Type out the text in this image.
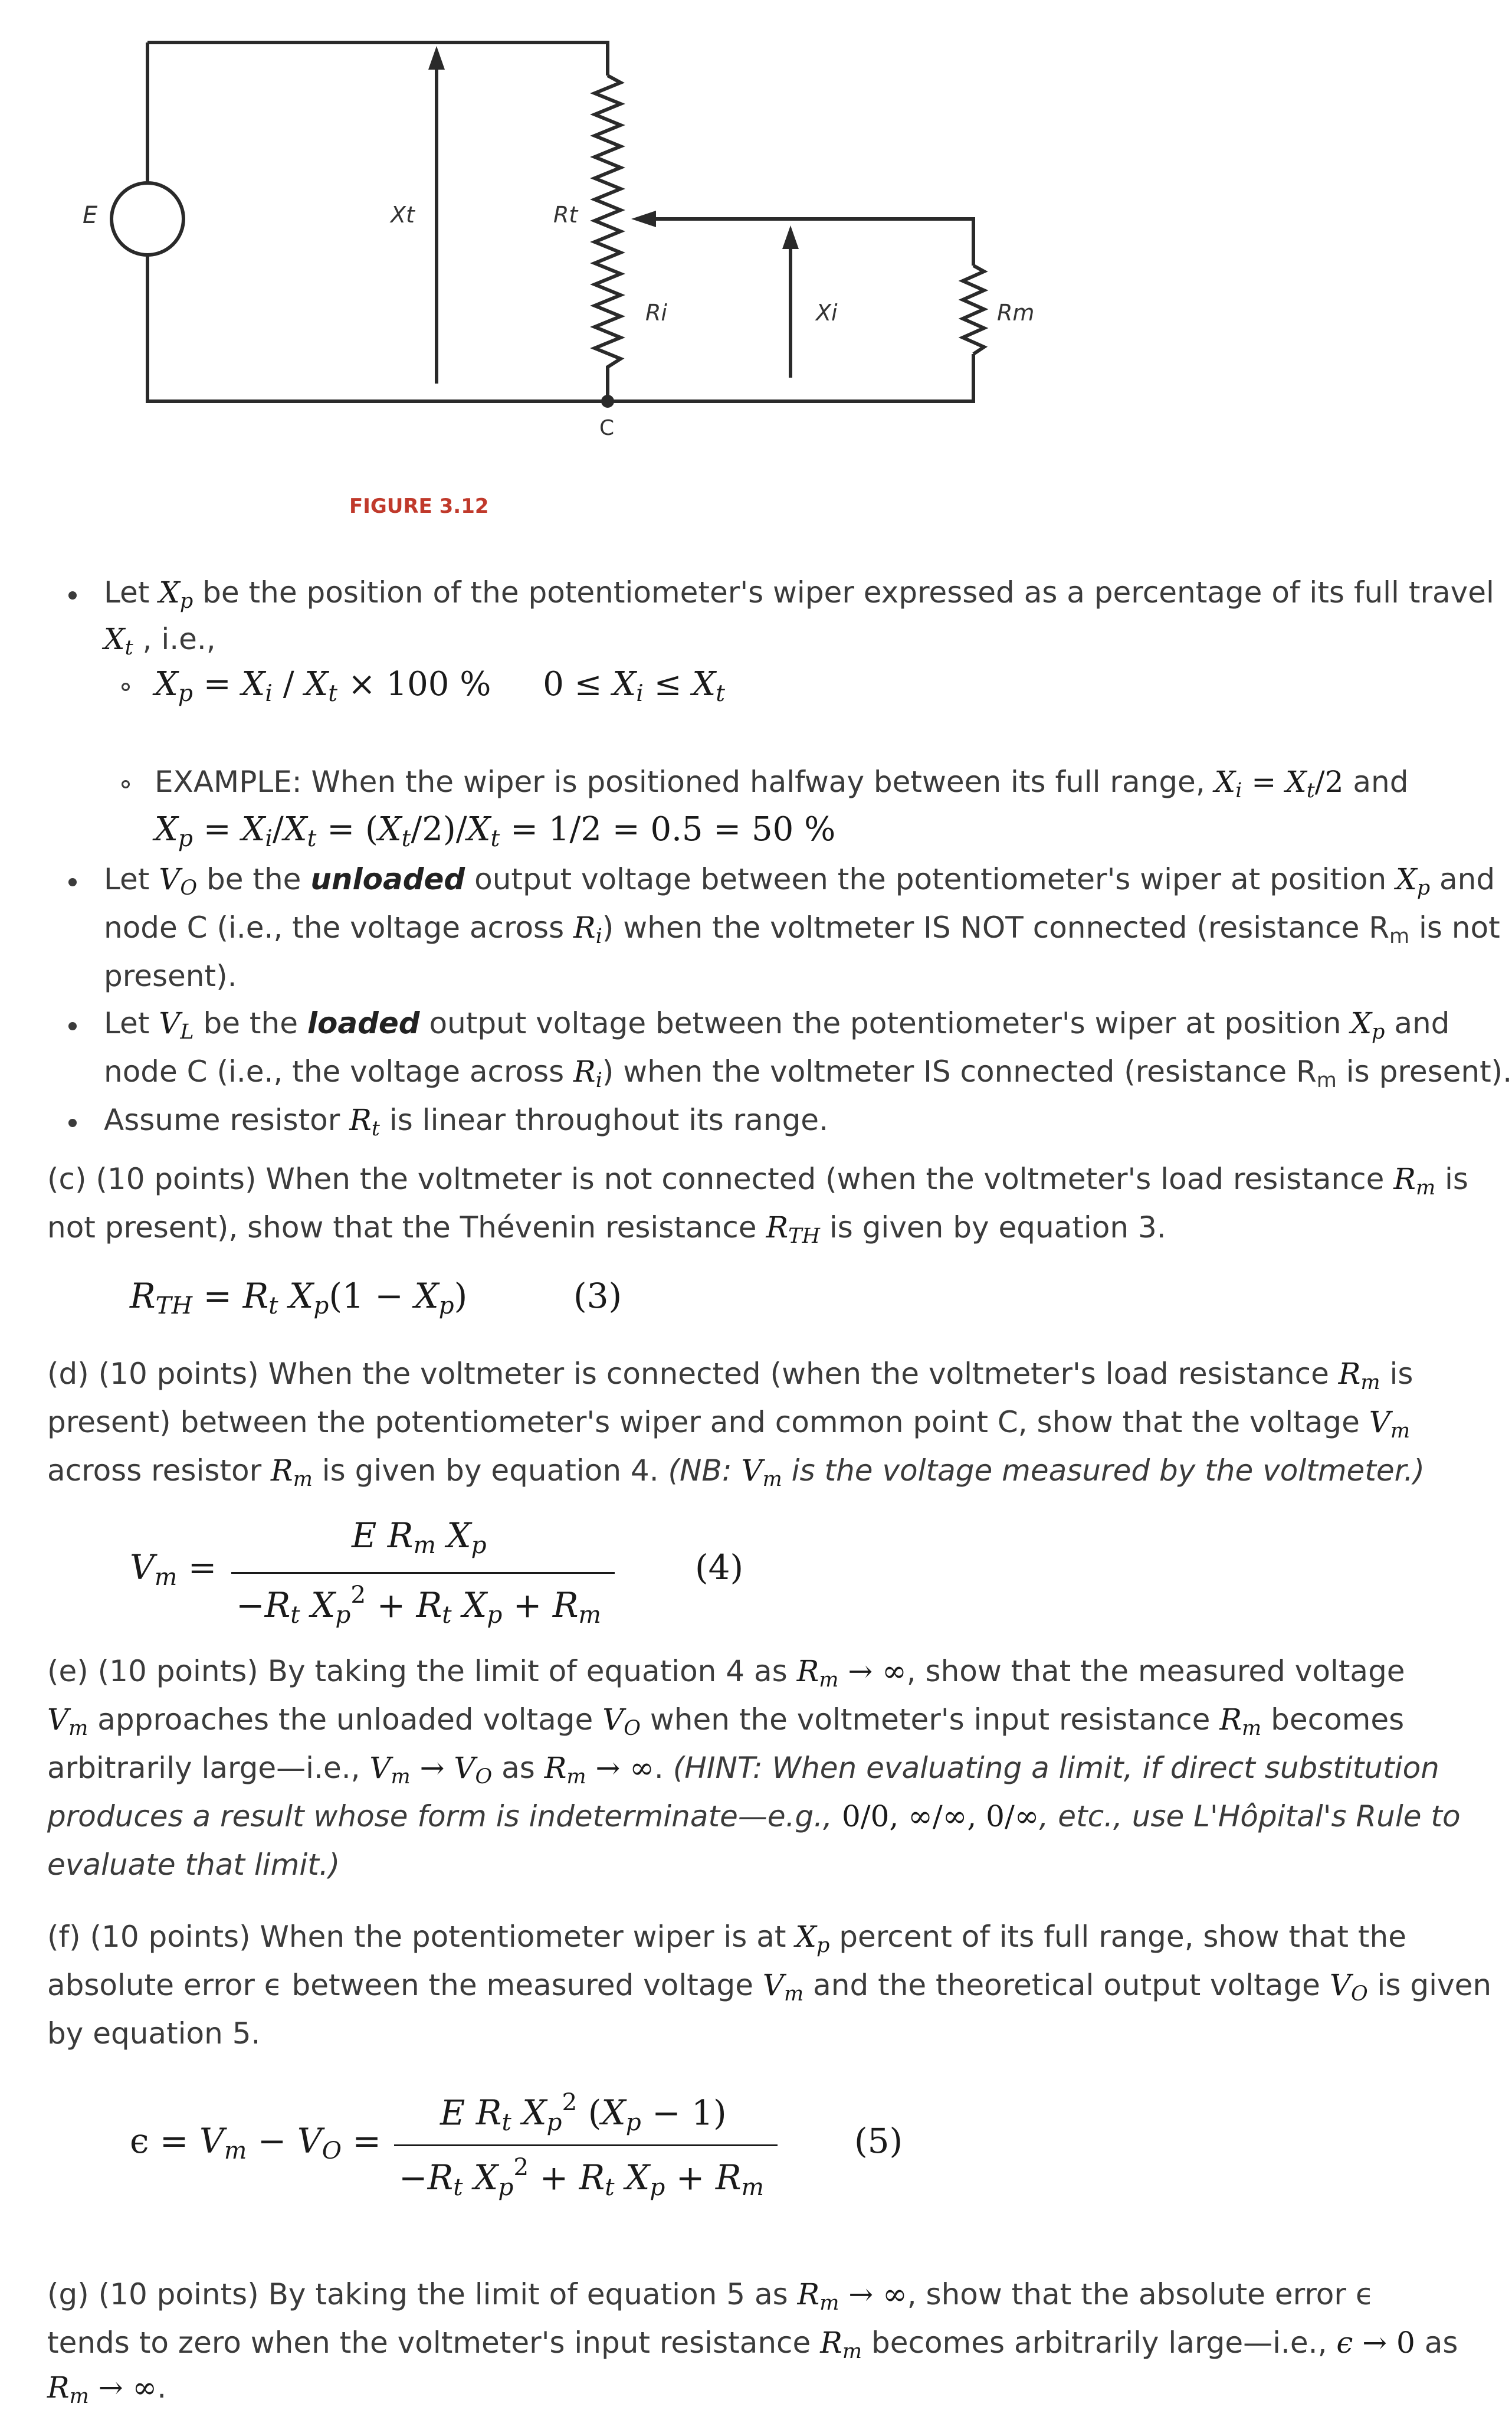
E	Xt	Rt
Ri	Xi	Rm
C
FIGURE 3.12
Let $X_p$ be the position of the potentiometer's wiper expressed as a percentage of its full travel
$X_t$ , i.e.,
$X_p = X_i / X_t \times 100$ % $0 \le X_i \le X_t$
EXAMPLE: When the wiper is positioned halfway between its full range, $X_i = X_t/2$ and
$X_p = X_i/X_t = (X_t/2)/X_t = 1/2 = 0.5 = 50$ %
Let $V_O$ be the unloaded output voltage between the potentiometer's wiper at position $X_p$ and
node C (i.e., the voltage across $R_i$) when the voltmeter IS NOT connected (resistance $R_m$ is not
present).
Let $V_L$ be the loaded output voltage between the potentiometer's wiper at position $X_p$ and
node C (i.e., the voltage across $R_i$) when the voltmeter IS connected (resistance $R_m$ is present).
Assume resistor $R_t$ is linear throughout its range.
(c) (10 points) When the voltmeter is not connected (when the voltmeter's load resistance $R_m$ is
not present), show that the Thévenin resistance $R_{TH}$ is given by equation 3.
$R_{TH} = R_t$ $X_p(1 - X_p)$	(3)
(d) (10 points) When the voltmeter is connected (when the voltmeter's load resistance $R_m$ is
present) between the potentiometer's wiper and common point C, show that the voltage $V_m$
across resistor $R_m$ is given by equation 4. (NB: $V_m$ is the voltage measured by the voltmeter.)
$V_m$ =
E $R_m$ $X_p$
$-R_t$ $X_p^2 + R_t$ $X_p + R_m$
(4)
(e) (10 points) By taking the limit of equation 4 as $R_m$ → ∞, show that the measured voltage
$V_m$ approaches the unloaded voltage $V_O$ when the voltmeter's input resistance $R_m$ becomes
arbitrarily large—i.e., $V_m \to V_O$ as $R_m$ → ∞. (HINT: When evaluating a limit, if direct substitution
produces a result whose form is indeterminate—e.g., 0/0, ∞/∞, 0/∞, etc., use L'Hôpital's Rule to
evaluate that limit.)
(f) (10 points) When the potentiometer wiper is at $X_p$ percent of its full range, show that the
absolute error ϵ between the measured voltage $V_m$ and the theoretical output voltage $V_O$ is given
by equation 5.
$\epsilon = V_m - V_O$ =
E $R_t$ $X_p^2$ $(X_p - 1)$
$-R_t$ $X_p^2 + R_t$ $X_p + R_m$
(5)
(g) (10 points) By taking the limit of equation 5 as $R_m$ → ∞, show that the absolute error ϵ
tends to zero when the voltmeter's input resistance $R_m$ becomes arbitrarily large—i.e., ϵ → 0 as
$R_m$ → ∞.
